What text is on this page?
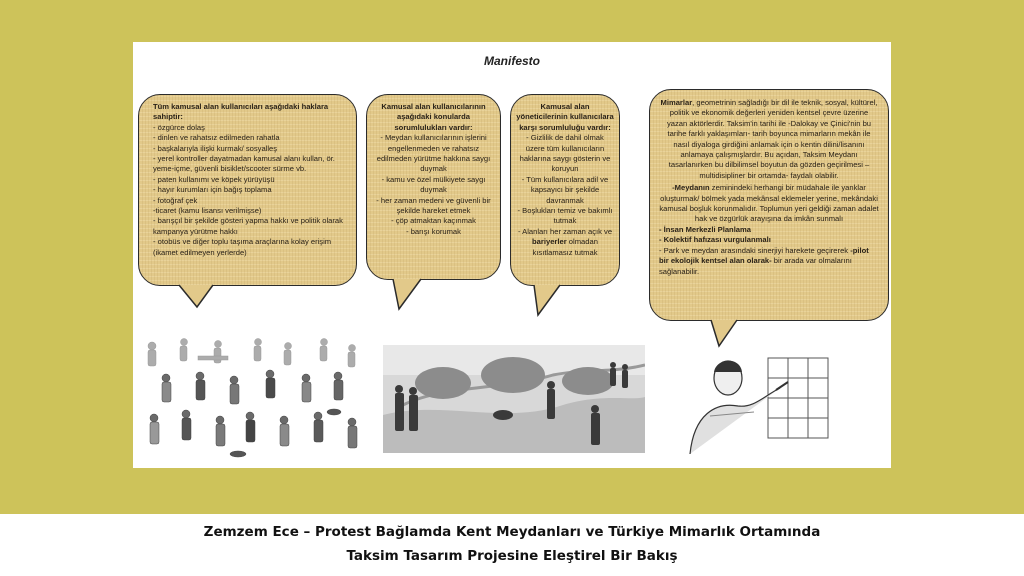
Manifesto

Tüm kamusal alan kullanıcıları aşağıdaki haklara sahiptir:

- özgürce dolaş

- dinlen ve rahatsız edilmeden rahatla

- başkalarıyla ilişki kurmak/ sosyalleş

- yerel kontroller dayatmadan kamusal alanı kullan, ör. yeme-içme, güvenli bisiklet/scooter sürme vb.

- paten kullanımı ve köpek yürüyüşü

- hayır kurumları için bağış toplama

- fotoğraf çek

-ticaret (kamu lisansı verilmişse)

- barışçıl bir şekilde gösteri yapma hakkı ve politik olarak kampanya yürütme hakkı

- otobüs ve diğer toplu taşıma araçlarına kolay erişim (ikamet edilmeyen yerlerde)

Kamusal alan kullanıcılarının aşağıdaki konularda sorumlulukları vardır:

- Meydan kullanıcılarının işlerini engellenmeden ve rahatsız edilmeden yürütme hakkına saygı duymak

- kamu ve özel mülkiyete saygı duymak

- her zaman medeni ve güvenli bir şekilde hareket etmek

- çöp atmaktan kaçınmak

- barışı korumak

Kamusal alan yöneticilerinin kullanıcılara karşı sorumluluğu vardır:

- Gizlilik de dahil olmak üzere tüm kullanıcıların haklarına saygı gösterin ve koruyun

- Tüm kullanıcılara adil ve kapsayıcı bir şekilde davranmak

- Boşlukları temiz ve bakımlı tutmak

- Alanları her zaman açık ve bariyerler olmadan kısıtlamasız tutmak

Mimarlar, geometrinin sağladığı bir dil ile teknik, sosyal, kültürel, politik ve ekonomik değerleri yeniden kentsel çevre üzerine yazan aktörlerdir. Taksim'in tarihi ile -Dalokay ve Çinici'nin bu tarihe farklı yaklaşımları- tarih boyunca mimarların mekân ile nasıl diyaloga girdiğini anlamak için o kentin dilini/lisanını anlamaya çalışmışlardır. Bu açıdan, Taksim Meydanı tasarlanırken bu dilbilimsel boyutun da gözden geçirilmesi –multidisipliner bir ortamda- faydalı olabilir.

-Meydanın zeminindeki herhangi bir müdahale ile yanklar oluşturmak/ bölmek yada mekânsal eklemeler yerine, mekândaki kamusal boşluk korunmalıdır. Toplumun yeri geldiği zaman adalet hak ve özgürlük arayışına da imkân sunmalı

- İnsan Merkezli Planlama

- Kolektif hafızası vurgulanmalı

- Park ve meydan arasındaki sinerjiyi harekete geçirerek -pilot bir ekolojik kentsel alan olarak- bir arada var olmalarını sağlanabilir.

Zemzem Ece – Protest Bağlamda Kent Meydanları ve Türkiye Mimarlık Ortamında
Taksim Tasarım Projesine Eleştirel Bir Bakış
